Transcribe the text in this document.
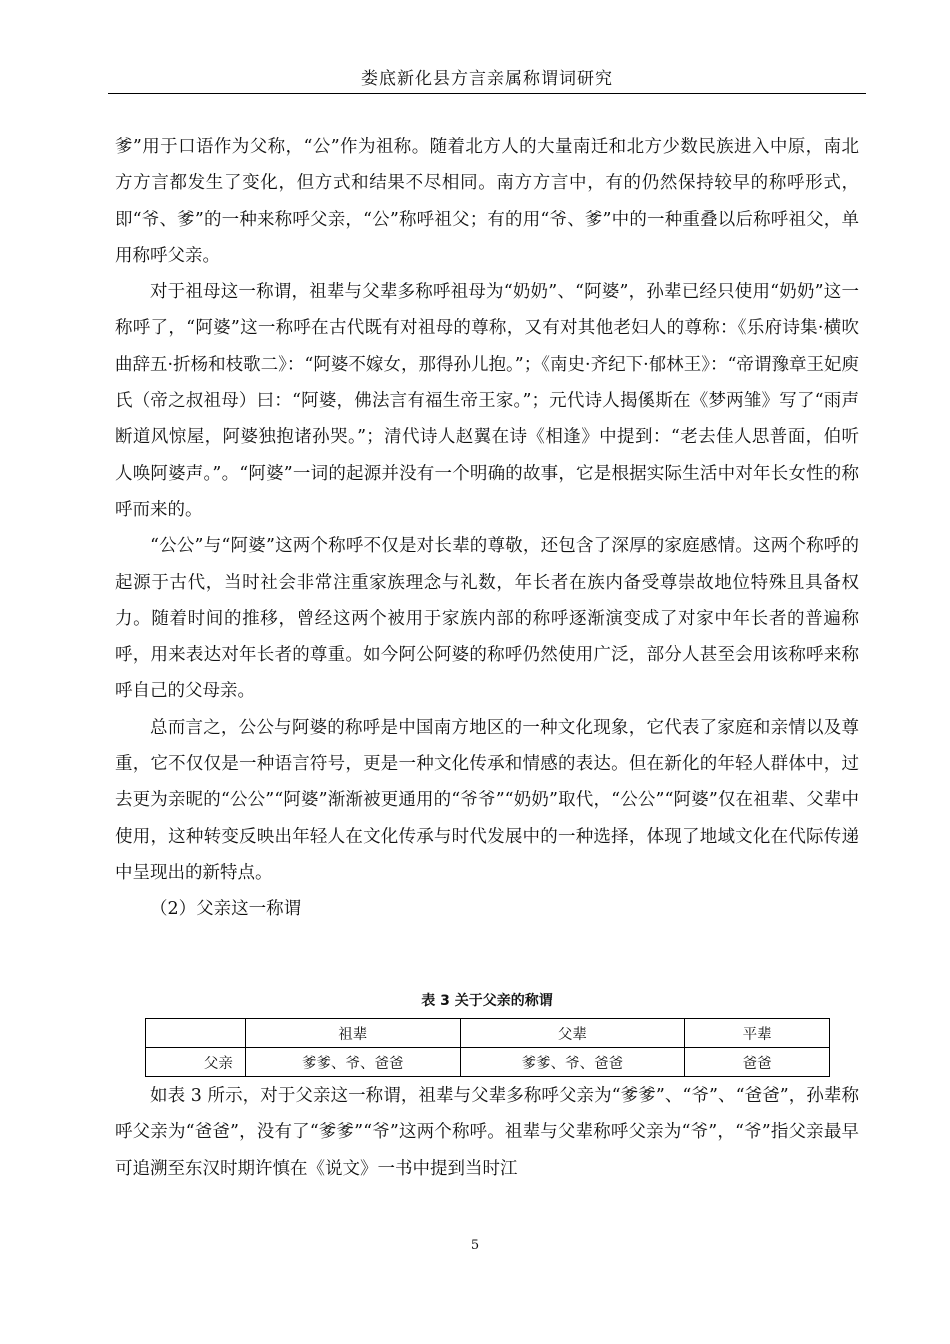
娄底新化县方言亲属称谓词研究

爹”用于口语作为父称，“公”作为祖称。随着北方人的大量南迁和北方少数民族进入中原，南北方方言都发生了变化，但方式和结果不尽相同。南方方言中，有的仍然保持较早的称呼形式，即“爷、爹”的一种来称呼父亲，“公”称呼祖父；有的用“爷、爹”中的一种重叠以后称呼祖父，单用称呼父亲。

对于祖母这一称谓，祖辈与父辈多称呼祖母为“奶奶”、“阿婆”，孙辈已经只使用“奶奶”这一称呼了，“阿婆”这一称呼在古代既有对祖母的尊称，又有对其他老妇人的尊称：《乐府诗集·横吹曲辞五·折杨和枝歌二》：“阿婆不嫁女，那得孙儿抱。”；《南史·齐纪下·郁林王》：“帝谓豫章王妃庾氏（帝之叔祖母）曰：“阿婆，佛法言有福生帝王家。”；元代诗人揭傒斯在《梦两雏》写了“雨声断道风惊屋，阿婆独抱诸孙哭。”；清代诗人赵翼在诗《相逢》中提到：“老去佳人思普面，伯听人唤阿婆声。”。“阿婆”一词的起源并没有一个明确的故事，它是根据实际生活中对年长女性的称呼而来的。

“公公”与“阿婆”这两个称呼不仅是对长辈的尊敬，还包含了深厚的家庭感情。这两个称呼的起源于古代，当时社会非常注重家族理念与礼数，年长者在族内备受尊崇故地位特殊且具备权力。随着时间的推移，曾经这两个被用于家族内部的称呼逐渐演变成了对家中年长者的普遍称呼，用来表达对年长者的尊重。如今阿公阿婆的称呼仍然使用广泛，部分人甚至会用该称呼来称呼自己的父母亲。

总而言之，公公与阿婆的称呼是中国南方地区的一种文化现象，它代表了家庭和亲情以及尊重，它不仅仅是一种语言符号，更是一种文化传承和情感的表达。但在新化的年轻人群体中，过去更为亲昵的“公公”“阿婆”渐渐被更通用的“爷爷”“奶奶”取代，“公公”“阿婆”仅在祖辈、父辈中使用，这种转变反映出年轻人在文化传承与时代发展中的一种选择，体现了地域文化在代际传递中呈现出的新特点。

（2）父亲这一称谓

表 3 关于父亲的称谓
	祖辈	父辈	平辈
父亲	爹爹、爷、爸爸	爹爹、爷、爸爸	爸爸

如表 3 所示，对于父亲这一称谓，祖辈与父辈多称呼父亲为“爹爹”、“爷”、“爸爸”，孙辈称呼父亲为“爸爸”，没有了“爹爹”“爷”这两个称呼。祖辈与父辈称呼父亲为“爷”，“爷”指父亲最早可追溯至东汉时期许慎在《说文》一书中提到当时江

5
